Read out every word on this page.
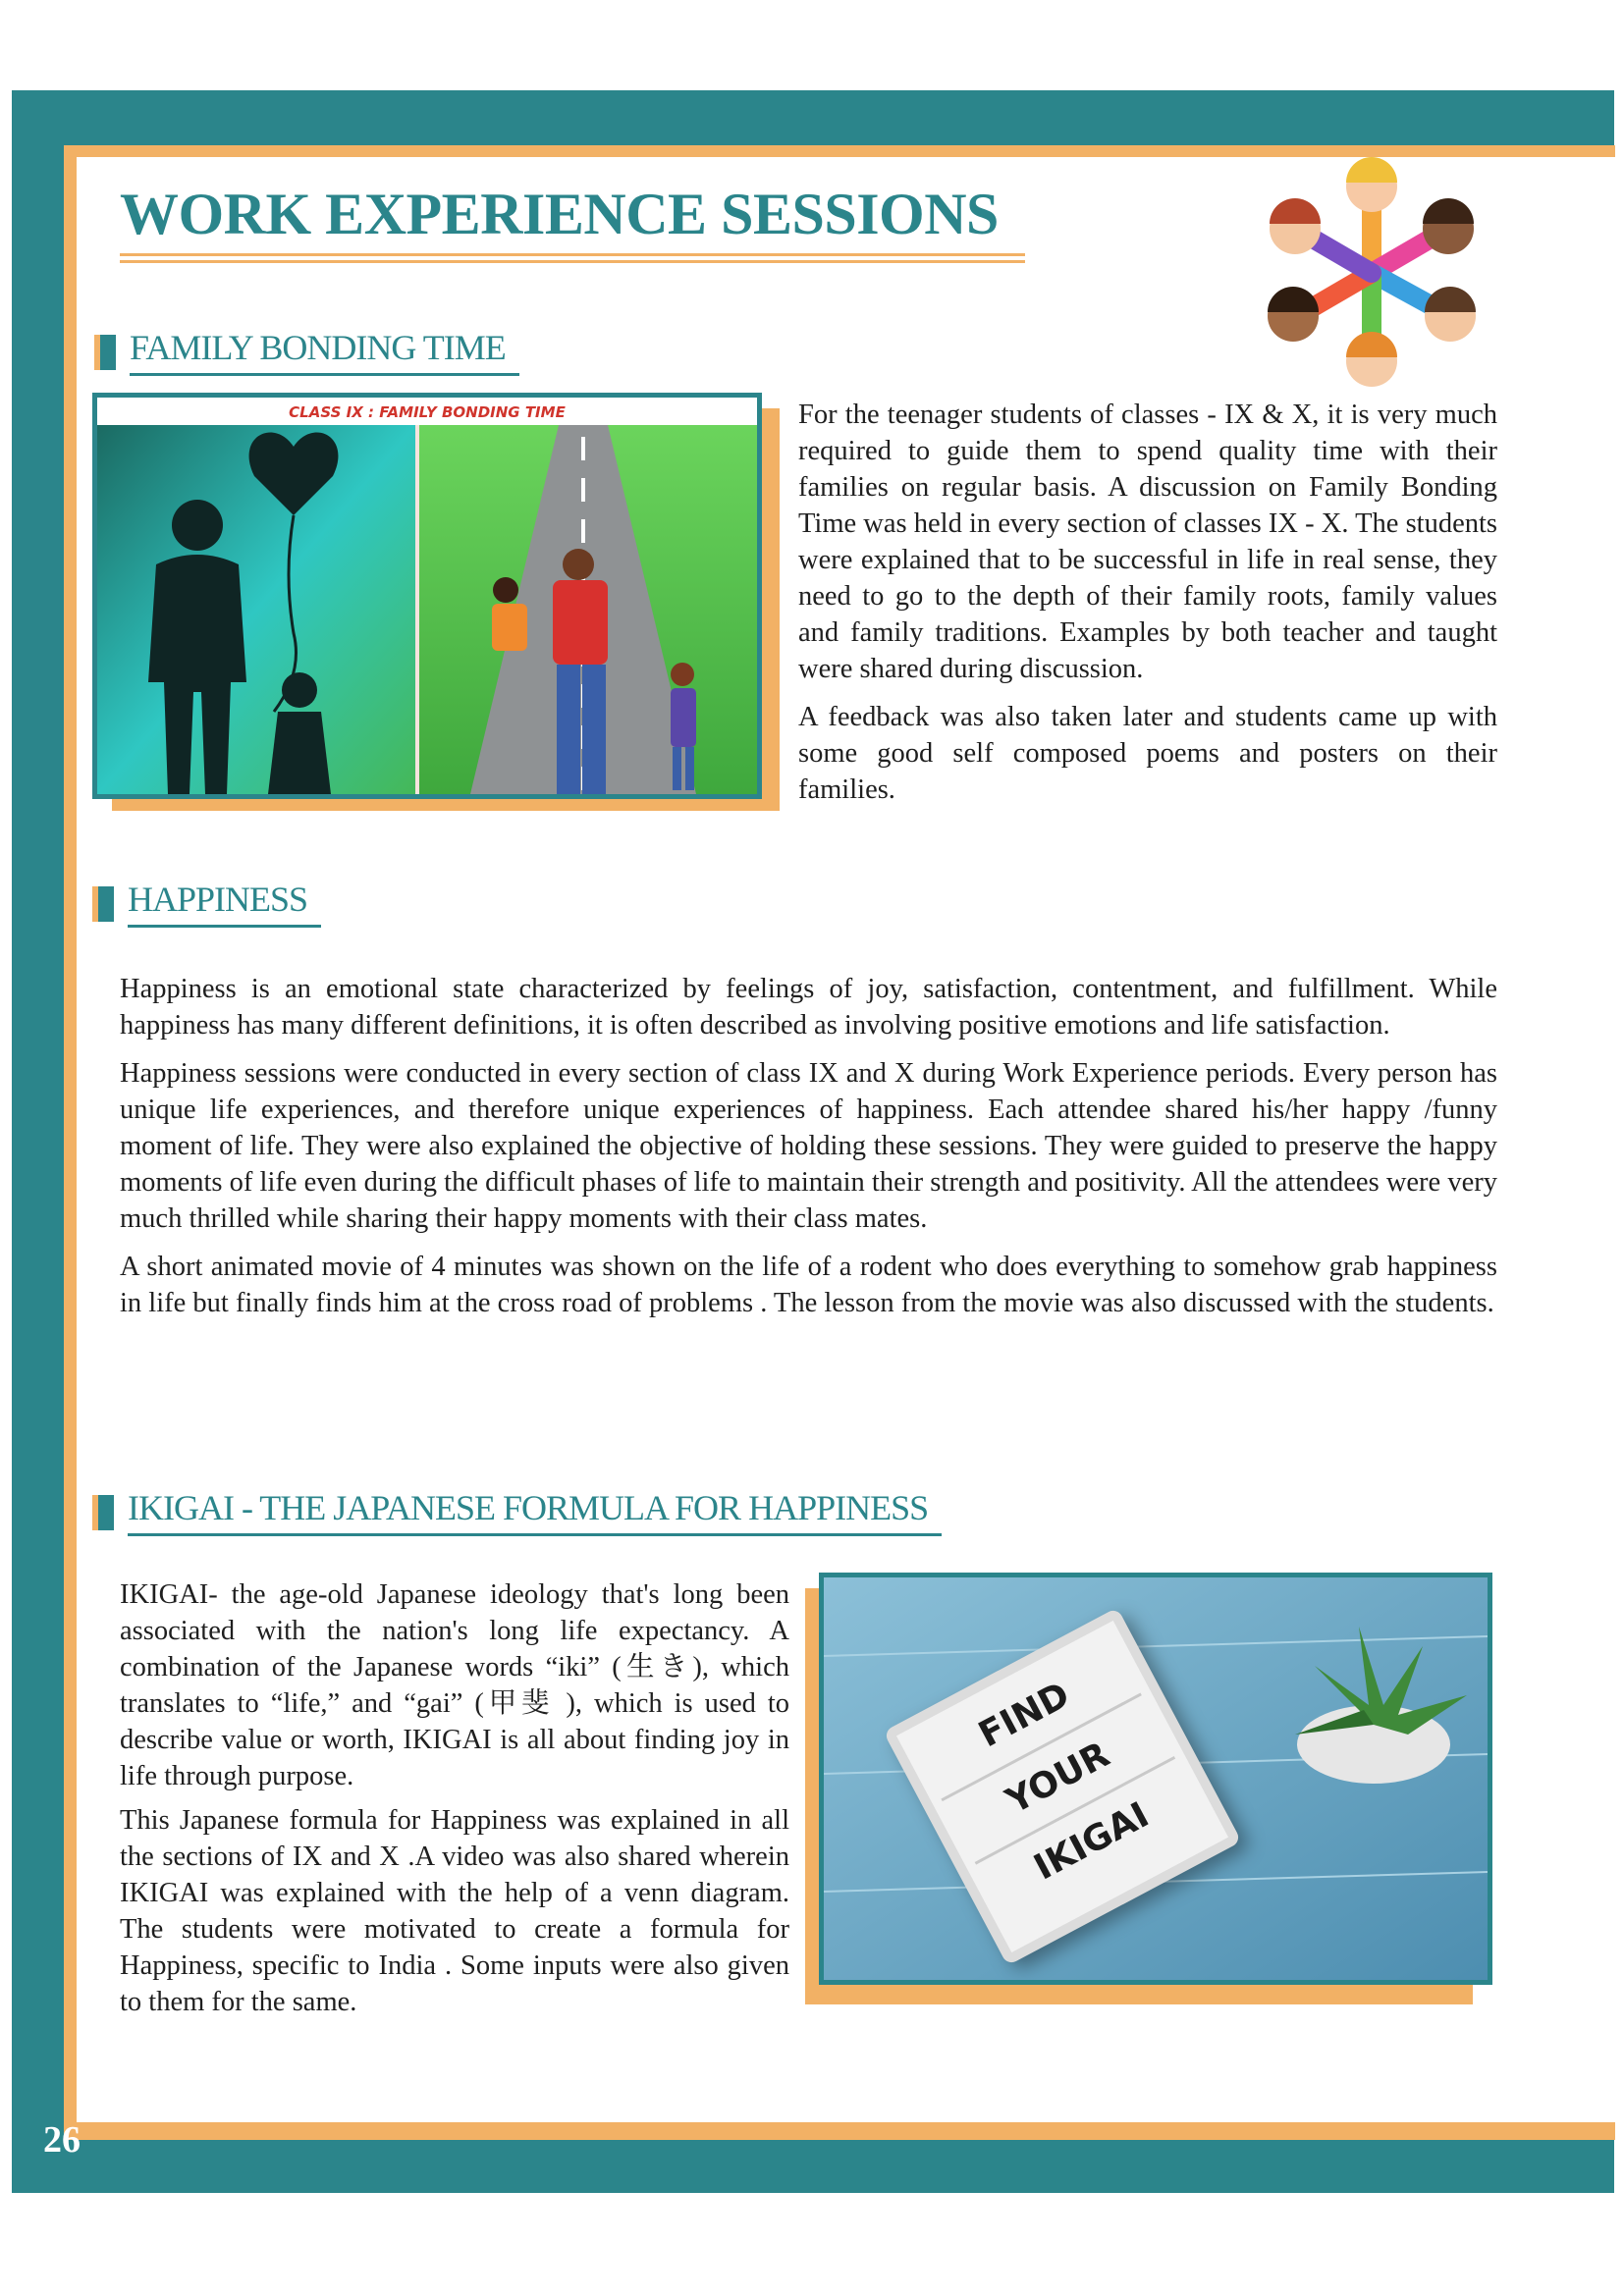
26
WORK EXPERIENCE SESSIONS
FAMILY BONDING TIME
CLASS IX : FAMILY BONDING TIME	For the teenager students of classes - IX & X, it is very much required to guide them to spend quality time with their families on regular basis. A discussion on Family Bonding Time was held in every section of classes IX - X. The students were explained that to be successful in life in real sense, they need to go to the depth of their family roots, family values and family traditions. Examples by both teacher and taught were shared during discussion.

A feedback was also taken later and students came up with some good self composed poems and posters on their families.

HAPPINESS

Happiness is an emotional state characterized by feelings of joy, satisfaction, contentment, and fulfillment. While happiness has many different definitions, it is often described as involving positive emotions and life satisfaction.

Happiness sessions were conducted in every section of class IX and X during Work Experience periods. Every person has unique life experiences, and therefore unique experiences of happiness. Each attendee shared his/her happy /funny moment of life. They were also explained the objective of holding these sessions. They were guided to preserve the happy moments of life even during the difficult phases of life to maintain their strength and positivity. All the attendees were very much thrilled while sharing their happy moments with their class mates.

A short animated movie of 4 minutes was shown on the life of a rodent who does everything to somehow grab happiness in life but finally finds him at the cross road of problems . The lesson from the movie was also discussed with the students.

IKIGAI - THE JAPANESE FORMULA FOR HAPPINESS

IKIGAI- the age-old Japanese ideology that's long been associated with the nation's long life expectancy. A combination of the Japanese words “iki” (生き), which translates to “life,” and “gai” (甲斐 ), which is used to describe value or worth, IKIGAI is all about finding joy in life through purpose.

This Japanese formula for Happiness was explained in all the sections of IX and X .A video was also shared wherein IKIGAI was explained with the help of a venn diagram. The students were motivated to create a formula for Happiness, specific to India . Some inputs were also given to them for the same.

FIND
YOUR
IKIGAI
